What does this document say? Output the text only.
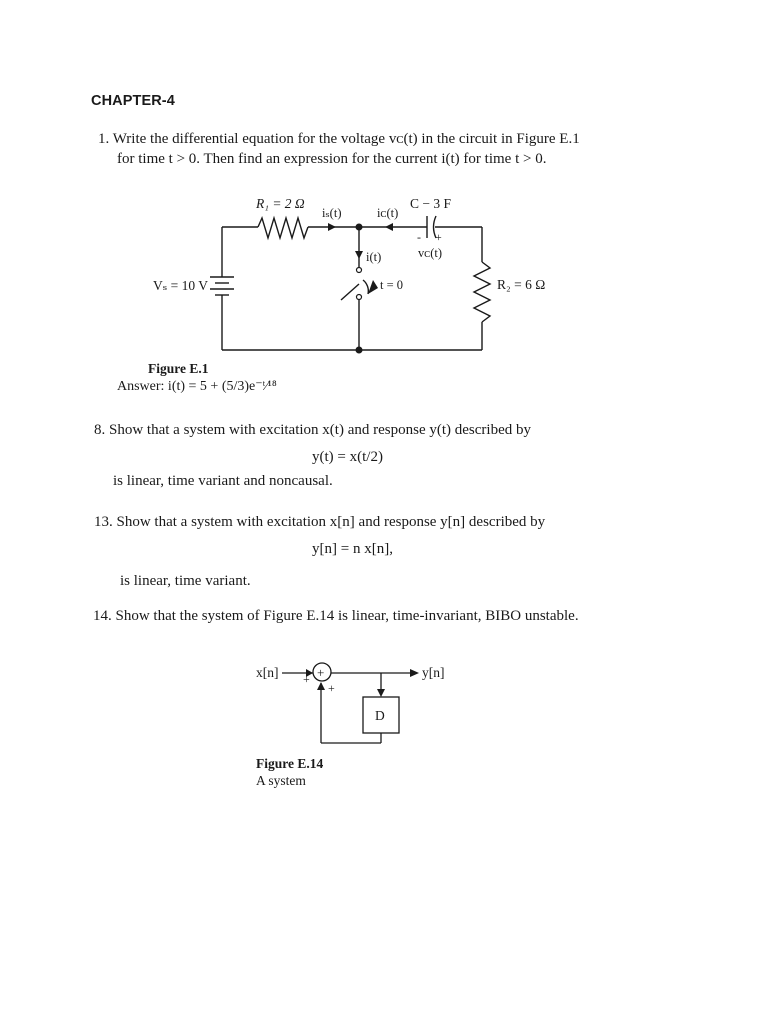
CHAPTER-4
1. Write the differential equation for the voltage vᴄ(t) in the circuit in Figure E.1
for time t > 0. Then find an expression for the current i(t) for time t > 0.
R₁ = 2 Ω	C − 3 F
iₛ(t)	iᴄ(t)
i(t)	vᴄ(t)
- +
Vₛ = 10 V	t = 0	R₂ = 6 Ω
Figure E.1
Answer: i(t) = 5 + (5/3)e⁻ᵗ⁄¹⁸
8. Show that a system with excitation x(t) and response y(t) described by
y(t) = x(t/2)
is linear, time variant and noncausal.
13. Show that a system with excitation x[n] and response y[n] described by
y[n] = n x[n],
is linear, time variant.
14. Show that the system of Figure E.14 is linear, time-invariant, BIBO unstable.
x[n]	y[n]
+
+
+
D
Figure E.14
A system
